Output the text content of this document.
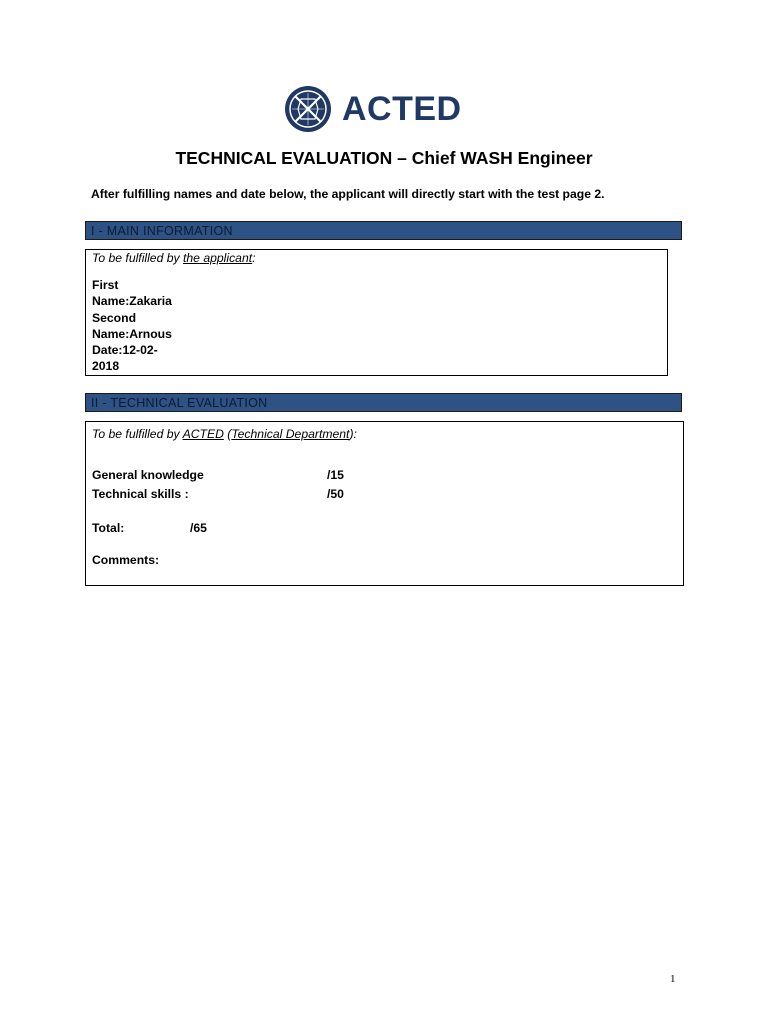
ACTED
TECHNICAL EVALUATION – Chief WASH Engineer
After fulfilling names and date below, the applicant will directly start with the test page 2.
I - MAIN INFORMATION
To be fulfilled by the applicant:
First
Name:Zakaria
Second
Name:Arnous
Date:12-02-
2018
II - TECHNICAL EVALUATION
To be fulfilled by ACTED (Technical Department):
General knowledge	/15
Technical skills :	/50
Total:	/65
Comments:
1
